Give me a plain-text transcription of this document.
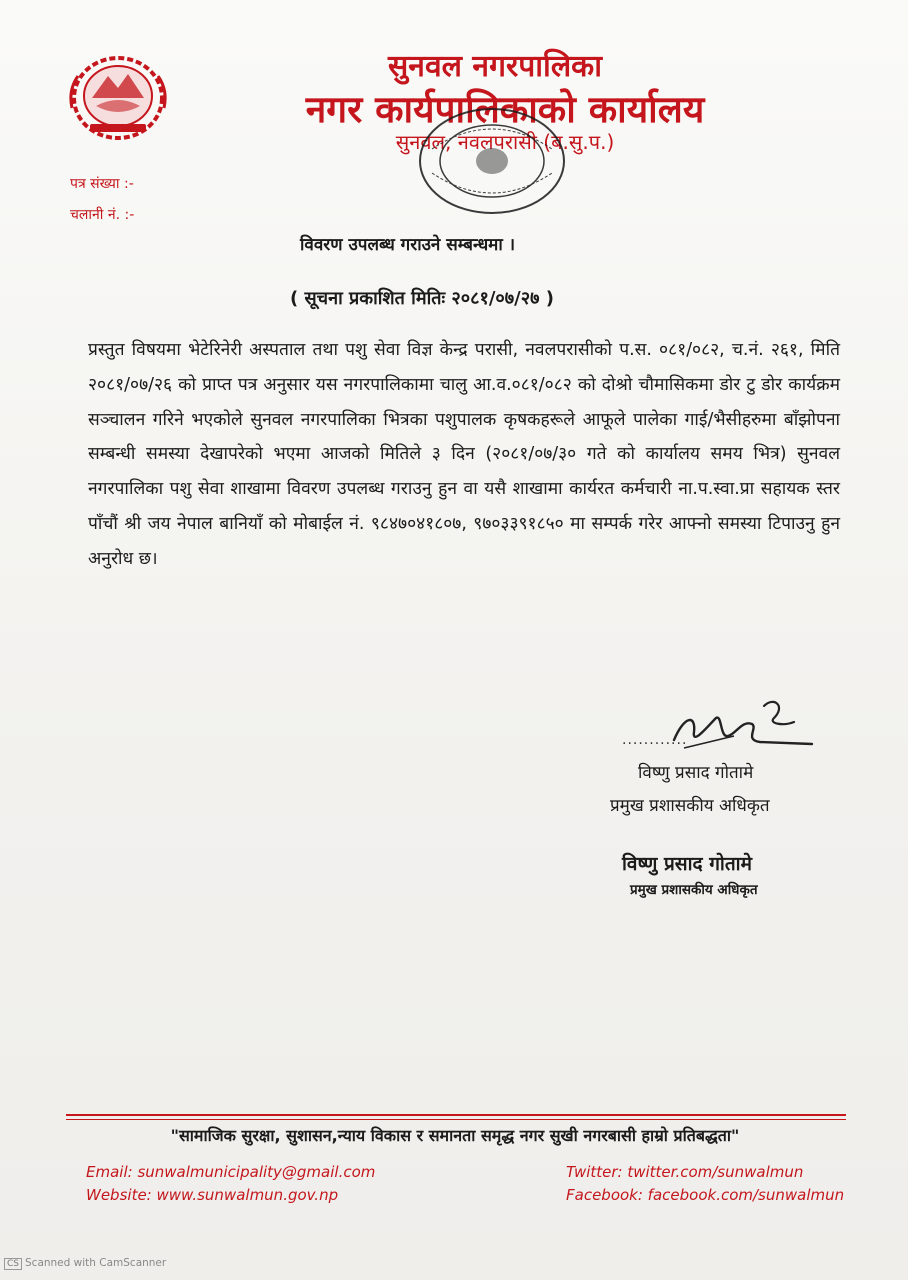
सुनवल नगरपालिका
नगर कार्यपालिकाको कार्यालय
सुनवल, नवलपरासी (ब.सु.प.)
पत्र संख्या :-
चलानी नं. :-
विवरण उपलब्ध गराउने सम्बन्धमा ।
( सूचना प्रकाशित मितिः २०८१/०७/२७ )
प्रस्तुत विषयमा भेटेरिनेरी अस्पताल तथा पशु सेवा विज्ञ केन्द्र परासी, नवलपरासीको प.स. ०८१/०८२, च.नं. २६१, मिति २०८१/०७/२६ को प्राप्त पत्र अनुसार यस नगरपालिकामा चालु आ.व.०८१/०८२ को दोश्रो चौमासिकमा डोर टु डोर कार्यक्रम सञ्चालन गरिने भएकोले सुनवल नगरपालिका भित्रका पशुपालक कृषकहरूले आफूले पालेका गाई/भैसीहरुमा बाँझोपना सम्बन्धी समस्या देखापरेको भएमा आजको मितिले ३ दिन (२०८१/०७/३० गते को कार्यालय समय भित्र) सुनवल नगरपालिका पशु सेवा शाखामा विवरण उपलब्ध गराउनु हुन वा यसै शाखामा कार्यरत कर्मचारी ना.प.स्वा.प्रा सहायक स्तर पाँचौं श्री जय नेपाल बानियाँ को मोबाईल नं. ९८४७०४१८०७, ९७०३३९१८५० मा सम्पर्क गरेर आफ्नो समस्या टिपाउनु हुन अनुरोध छ।
............
विष्णु प्रसाद गोतामे
प्रमुख प्रशासकीय अधिकृत
विष्णु प्रसाद गोतामे
प्रमुख प्रशासकीय अधिकृत
"सामाजिक सुरक्षा, सुशासन,न्याय विकास र समानता समृद्ध नगर सुखी नगरबासी हाम्रो प्रतिबद्धता"
Email: sunwalmunicipality@gmail.com
Website: www.sunwalmun.gov.np
Twitter: twitter.com/sunwalmun
Facebook: facebook.com/sunwalmun
CS Scanned with CamScanner
